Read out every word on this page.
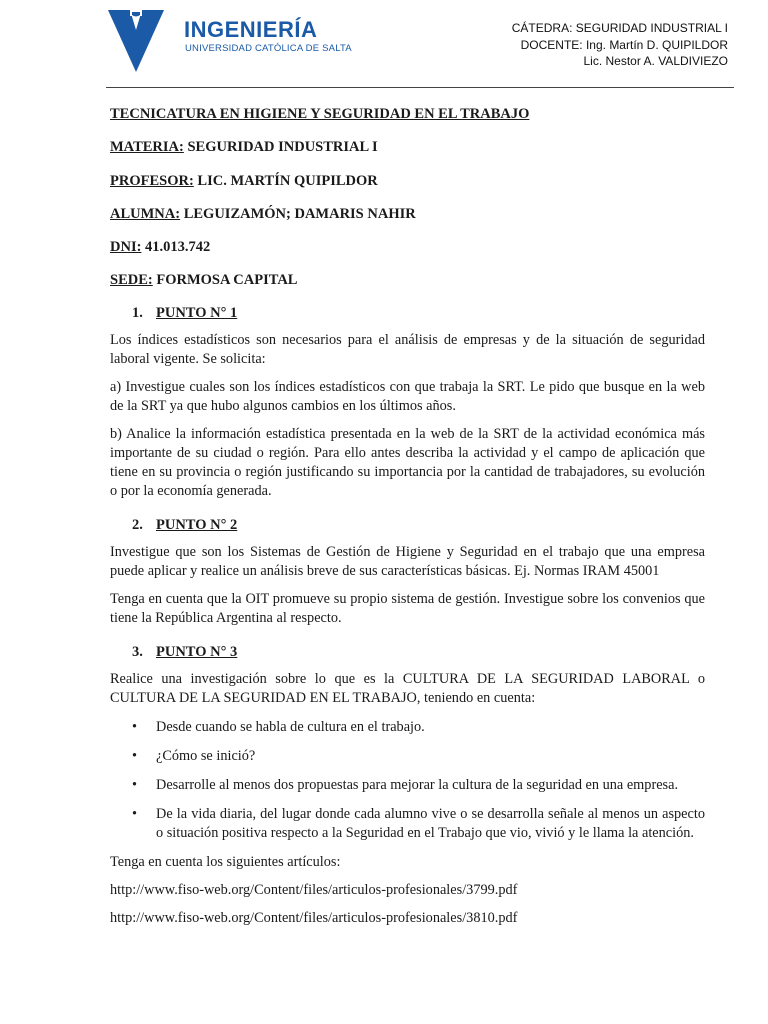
INGENIERÍA
UNIVERSIDAD CATÓLICA DE SALTA
CÁTEDRA: SEGURIDAD INDUSTRIAL I
DOCENTE: Ing. Martín D. QUIPILDOR
Lic. Nestor A. VALDIVIEZO
TECNICATURA EN HIGIENE Y SEGURIDAD EN EL TRABAJO
MATERIA: SEGURIDAD INDUSTRIAL I
PROFESOR: LIC. MARTÍN QUIPILDOR
ALUMNA: LEGUIZAMÓN; DAMARIS NAHIR
DNI: 41.013.742
SEDE: FORMOSA CAPITAL
1. PUNTO N° 1

Los índices estadísticos son necesarios para el análisis de empresas y de la situación de seguridad laboral vigente. Se solicita:

a) Investigue cuales son los índices estadísticos con que trabaja la SRT. Le pido que busque en la web de la SRT ya que hubo algunos cambios en los últimos años.

b) Analice la información estadística presentada en la web de la SRT de la actividad económica más importante de su ciudad o región. Para ello antes describa la actividad y el campo de aplicación que tiene en su provincia o región justificando su importancia por la cantidad de trabajadores, su evolución o por la economía generada.

2. PUNTO N° 2

Investigue que son los Sistemas de Gestión de Higiene y Seguridad en el trabajo que una empresa puede aplicar y realice un análisis breve de sus características básicas. Ej. Normas IRAM 45001

Tenga en cuenta que la OIT promueve su propio sistema de gestión. Investigue sobre los convenios que tiene la República Argentina al respecto.

3. PUNTO N° 3

Realice una investigación sobre lo que es la CULTURA DE LA SEGURIDAD LABORAL o CULTURA DE LA SEGURIDAD EN EL TRABAJO, teniendo en cuenta:

• Desde cuando se habla de cultura en el trabajo.
• ¿Cómo se inició?
• Desarrolle al menos dos propuestas para mejorar la cultura de la seguridad en una empresa.
• De la vida diaria, del lugar donde cada alumno vive o se desarrolla señale al menos un aspecto o situación positiva respecto a la Seguridad en el Trabajo que vio, vivió y le llama la atención.

Tenga en cuenta los siguientes artículos:

http://www.fiso-web.org/Content/files/articulos-profesionales/3799.pdf
http://www.fiso-web.org/Content/files/articulos-profesionales/3810.pdf
